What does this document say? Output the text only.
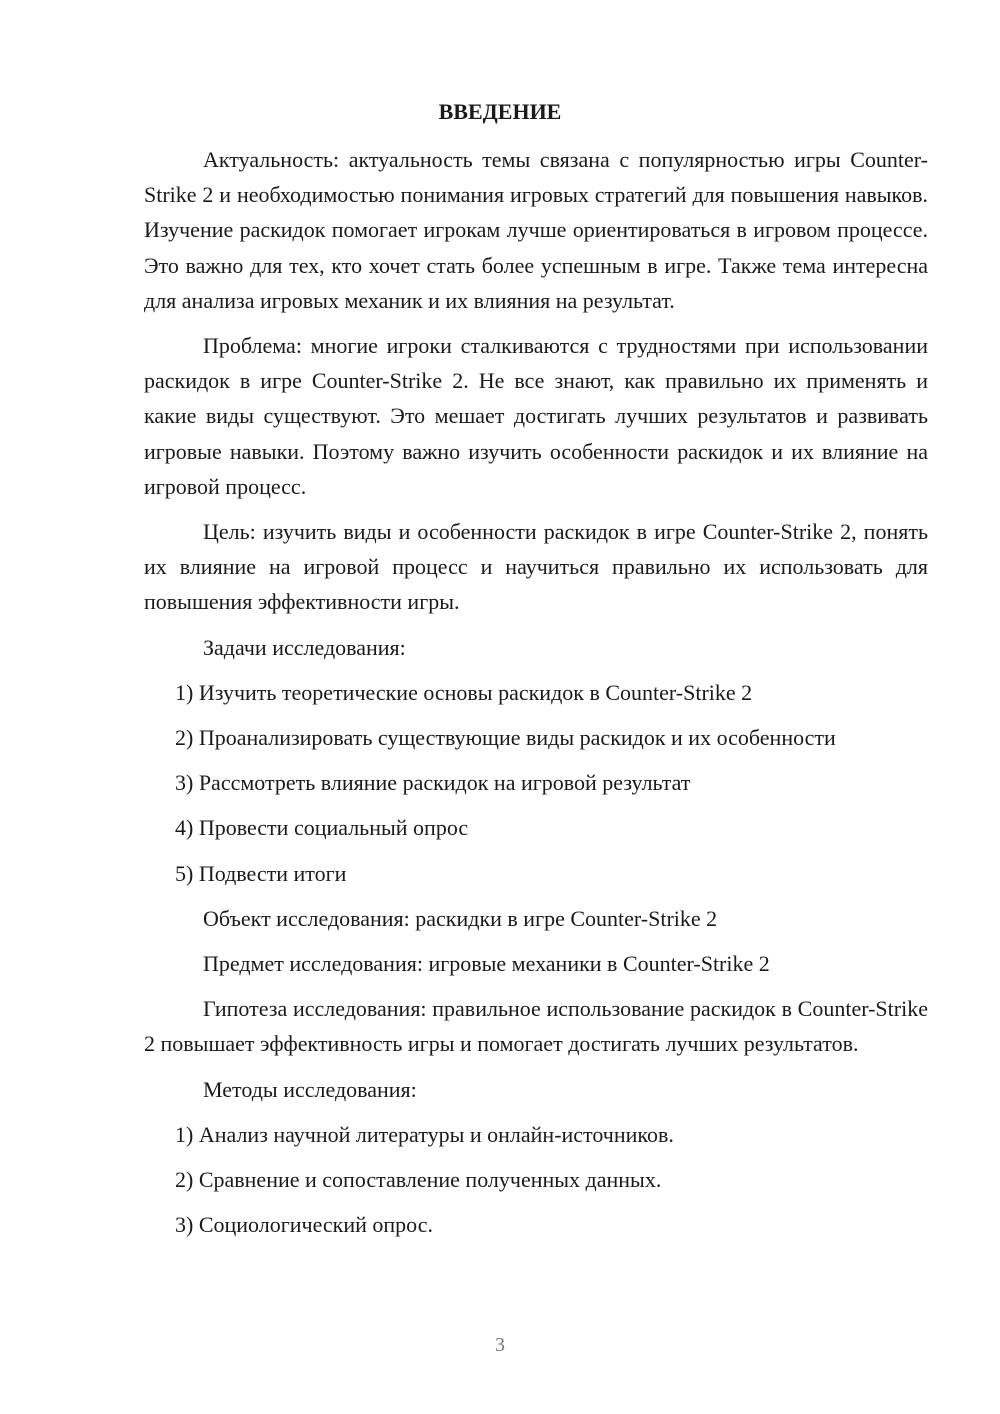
ВВЕДЕНИЕ

Актуальность: актуальность темы связана с популярностью игры Counter-Strike 2 и необходимостью понимания игровых стратегий для повышения навыков. Изучение раскидок помогает игрокам лучше ориентироваться в игровом процессе. Это важно для тех, кто хочет стать более успешным в игре. Также тема интересна для анализа игровых механик и их влияния на результат.

Проблема: многие игроки сталкиваются с трудностями при использовании раскидок в игре Counter-Strike 2. Не все знают, как правильно их применять и какие виды существуют. Это мешает достигать лучших результатов и развивать игровые навыки. Поэтому важно изучить особенности раскидок и их влияние на игровой процесс.

Цель: изучить виды и особенности раскидок в игре Counter-Strike 2, понять их влияние на игровой процесс и научиться правильно их использовать для повышения эффективности игры.

Задачи исследования:

1) Изучить теоретические основы раскидок в Counter-Strike 2

2) Проанализировать существующие виды раскидок и их особенности

3) Рассмотреть влияние раскидок на игровой результат

4) Провести социальный опрос

5) Подвести итоги

Объект исследования: раскидки в игре Counter-Strike 2

Предмет исследования: игровые механики в Counter-Strike 2

Гипотеза исследования: правильное использование раскидок в Counter-Strike 2 повышает эффективность игры и помогает достигать лучших результатов.

Методы исследования:

1) Анализ научной литературы и онлайн-источников.

2) Сравнение и сопоставление полученных данных.

3) Социологический опрос.

3
